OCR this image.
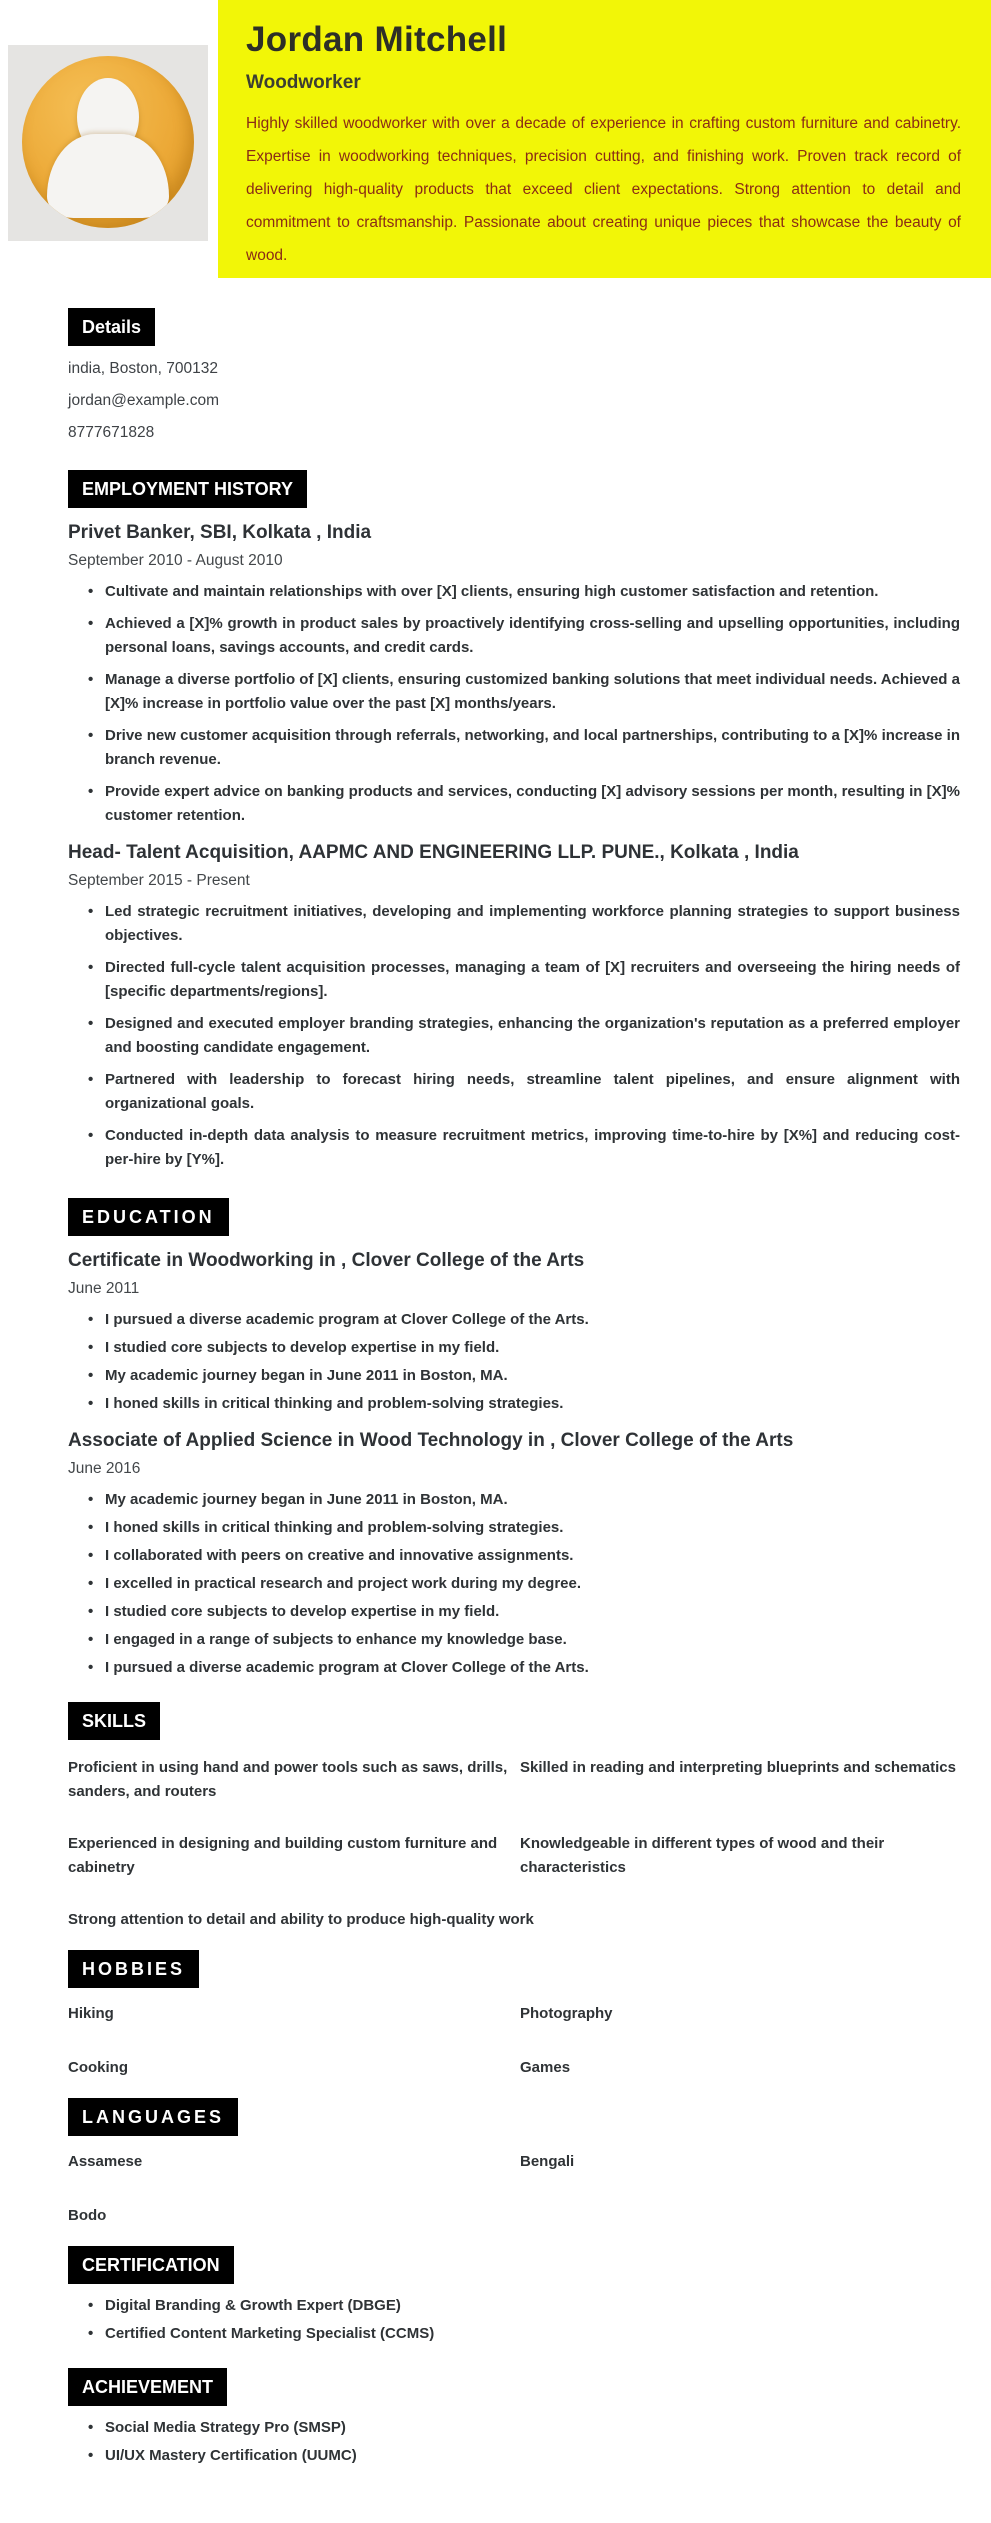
Jordan Mitchell
Woodworker

Highly skilled woodworker with over a decade of experience in crafting custom furniture and cabinetry. Expertise in woodworking techniques, precision cutting, and finishing work. Proven track record of delivering high-quality products that exceed client expectations. Strong attention to detail and commitment to craftsmanship. Passionate about creating unique pieces that showcase the beauty of wood.

Details

india, Boston, 700132

jordan@example.com

8777671828

EMPLOYMENT HISTORY
Privet Banker, SBI, Kolkata , India
September 2010 - August 2010
• Cultivate and maintain relationships with over [X] clients, ensuring high customer satisfaction and retention.
• Achieved a [X]% growth in product sales by proactively identifying cross-selling and upselling opportunities, including personal loans, savings accounts, and credit cards.
• Manage a diverse portfolio of [X] clients, ensuring customized banking solutions that meet individual needs. Achieved a [X]% increase in portfolio value over the past [X] months/years.
• Drive new customer acquisition through referrals, networking, and local partnerships, contributing to a [X]% increase in branch revenue.
• Provide expert advice on banking products and services, conducting [X] advisory sessions per month, resulting in [X]% customer retention.
Head- Talent Acquisition, AAPMC AND ENGINEERING LLP. PUNE., Kolkata , India
September 2015 - Present
• Led strategic recruitment initiatives, developing and implementing workforce planning strategies to support business objectives.
• Directed full-cycle talent acquisition processes, managing a team of [X] recruiters and overseeing the hiring needs of [specific departments/regions].
• Designed and executed employer branding strategies, enhancing the organization's reputation as a preferred employer and boosting candidate engagement.
• Partnered with leadership to forecast hiring needs, streamline talent pipelines, and ensure alignment with organizational goals.
• Conducted in-depth data analysis to measure recruitment metrics, improving time-to-hire by [X%] and reducing cost-per-hire by [Y%].
EDUCATION
Certificate in Woodworking in , Clover College of the Arts
June 2011
• I pursued a diverse academic program at Clover College of the Arts.
• I studied core subjects to develop expertise in my field.
• My academic journey began in June 2011 in Boston, MA.
• I honed skills in critical thinking and problem-solving strategies.
Associate of Applied Science in Wood Technology in , Clover College of the Arts
June 2016
• My academic journey began in June 2011 in Boston, MA.
• I honed skills in critical thinking and problem-solving strategies.
• I collaborated with peers on creative and innovative assignments.
• I excelled in practical research and project work during my degree.
• I studied core subjects to develop expertise in my field.
• I engaged in a range of subjects to enhance my knowledge base.
• I pursued a diverse academic program at Clover College of the Arts.
SKILLS
Proficient in using hand and power tools such as saws, drills, sanders, and routers
Skilled in reading and interpreting blueprints and schematics
Experienced in designing and building custom furniture and cabinetry
Knowledgeable in different types of wood and their characteristics
Strong attention to detail and ability to produce high-quality work
HOBBIES
Hiking	Photography
Cooking	Games
LANGUAGES
Assamese	Bengali
Bodo
CERTIFICATION
• Digital Branding & Growth Expert (DBGE)
• Certified Content Marketing Specialist (CCMS)
ACHIEVEMENT
• Social Media Strategy Pro (SMSP)
• UI/UX Mastery Certification (UUMC)
